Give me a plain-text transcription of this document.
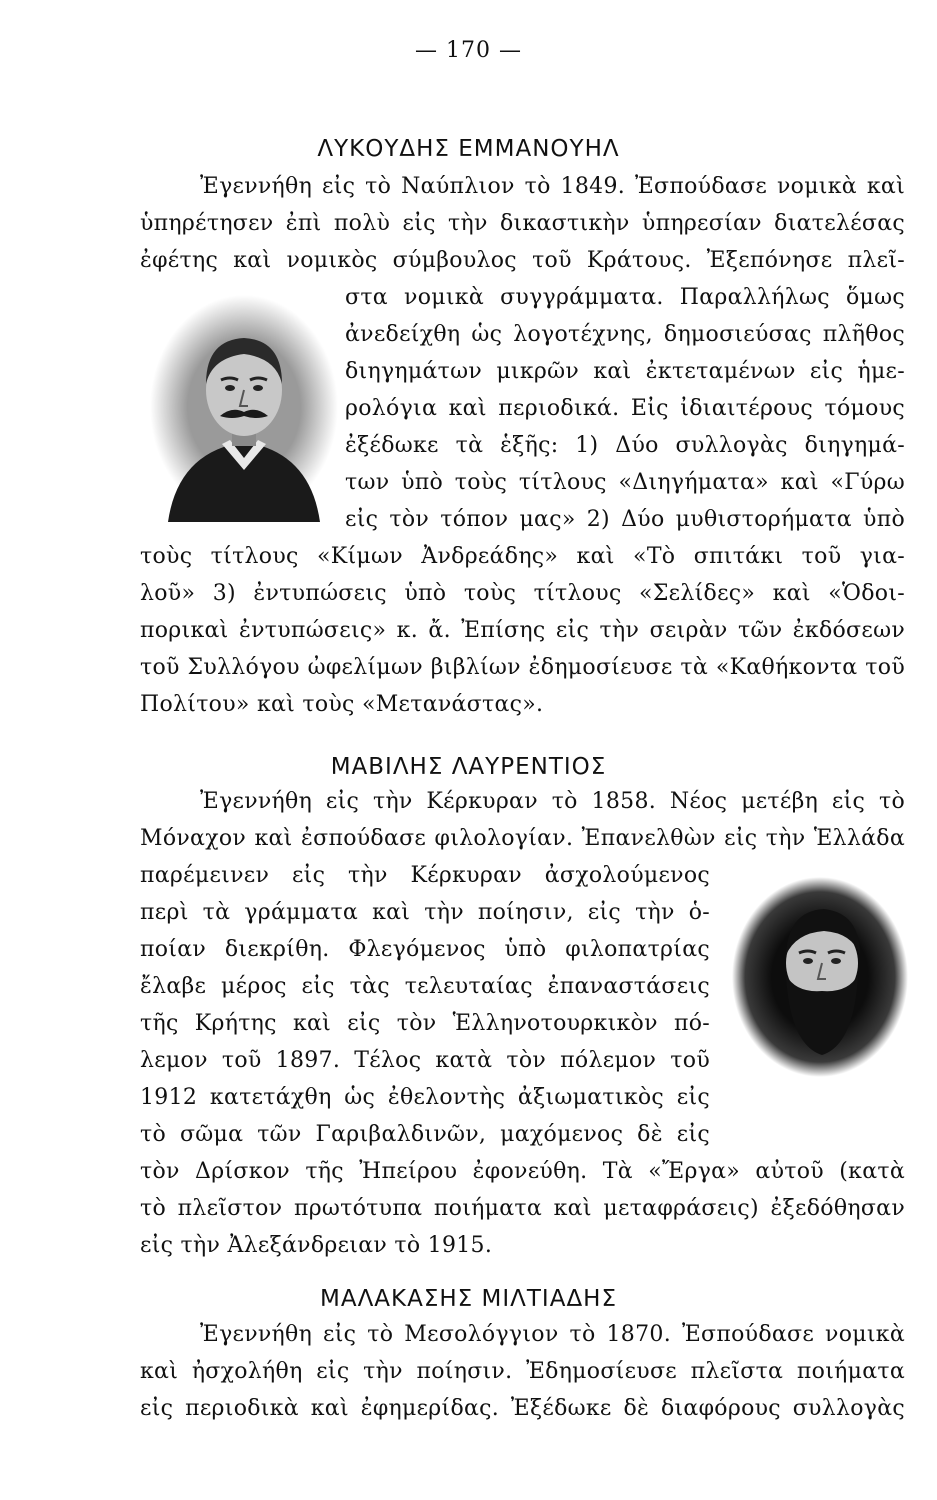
— 170 —
ΛΥΚΟΥΔΗΣ ΕΜΜΑΝΟΥΗΛ
Ἐγεννήθη εἰς τὸ Ναύπλιον τὸ 1849. Ἐσπούδασε νομικὰ καὶ
ὑπηρέτησεν ἐπὶ πολὺ εἰς τὴν δικαστικὴν ὑπηρεσίαν διατελέσας
ἐφέτης καὶ νομικὸς σύμβουλος τοῦ Κράτους. Ἐξεπόνησε πλεῖ-
στα νομικὰ συγγράμματα. Παραλλήλως ὅμως
ἀνεδείχθη ὡς λογοτέχνης, δημοσιεύσας πλῆθος
διηγημάτων μικρῶν καὶ ἐκτεταμένων εἰς ἡμε-
ρολόγια καὶ περιοδικά. Εἰς ἰδιαιτέρους τόμους
ἐξέδωκε τὰ ἑξῆς: 1) Δύο συλλογὰς διηγημά-
των ὑπὸ τοὺς τίτλους «Διηγήματα» καὶ «Γύρω
εἰς τὸν τόπον μας» 2) Δύο μυθιστορήματα ὑπὸ
τοὺς τίτλους «Κίμων Ἀνδρεάδης» καὶ «Τὸ σπιτάκι τοῦ για-
λοῦ» 3) ἐντυπώσεις ὑπὸ τοὺς τίτλους «Σελίδες» καὶ «Ὁδοι-
πορικαὶ ἐντυπώσεις» κ. ἄ. Ἐπίσης εἰς τὴν σειρὰν τῶν ἐκδόσεων
τοῦ Συλλόγου ὠφελίμων βιβλίων ἐδημοσίευσε τὰ «Καθήκοντα τοῦ
Πολίτου» καὶ τοὺς «Μετανάστας».
ΜΑΒΙΛΗΣ ΛΑΥΡΕΝΤΙΟΣ
Ἐγεννήθη εἰς τὴν Κέρκυραν τὸ 1858. Νέος μετέβη εἰς τὸ
Μόναχον καὶ ἐσπούδασε φιλολογίαν. Ἐπανελθὼν εἰς τὴν Ἑλλάδα
παρέμεινεν εἰς τὴν Κέρκυραν ἀσχολούμενος
περὶ τὰ γράμματα καὶ τὴν ποίησιν, εἰς τὴν ὁ-
ποίαν διεκρίθη. Φλεγόμενος ὑπὸ φιλοπατρίας
ἔλαβε μέρος εἰς τὰς τελευταίας ἐπαναστάσεις
τῆς Κρήτης καὶ εἰς τὸν Ἑλληνοτουρκικὸν πό-
λεμον τοῦ 1897. Τέλος κατὰ τὸν πόλεμον τοῦ
1912 κατετάχθη ὡς ἐθελοντὴς ἀξιωματικὸς εἰς
τὸ σῶμα τῶν Γαριβαλδινῶν, μαχόμενος δὲ εἰς
τὸν Δρίσκον τῆς Ἠπείρου ἐφονεύθη. Τὰ «Ἔργα» αὐτοῦ (κατὰ
τὸ πλεῖστον πρωτότυπα ποιήματα καὶ μεταφράσεις) ἐξεδόθησαν
εἰς τὴν Ἀλεξάνδρειαν τὸ 1915.
ΜΑΛΑΚΑΣΗΣ ΜΙΛΤΙΑΔΗΣ
Ἐγεννήθη εἰς τὸ Μεσολόγγιον τὸ 1870. Ἐσπούδασε νομικὰ
καὶ ἠσχολήθη εἰς τὴν ποίησιν. Ἐδημοσίευσε πλεῖστα ποιήματα
εἰς περιοδικὰ καὶ ἐφημερίδας. Ἐξέδωκε δὲ διαφόρους συλλογὰς
